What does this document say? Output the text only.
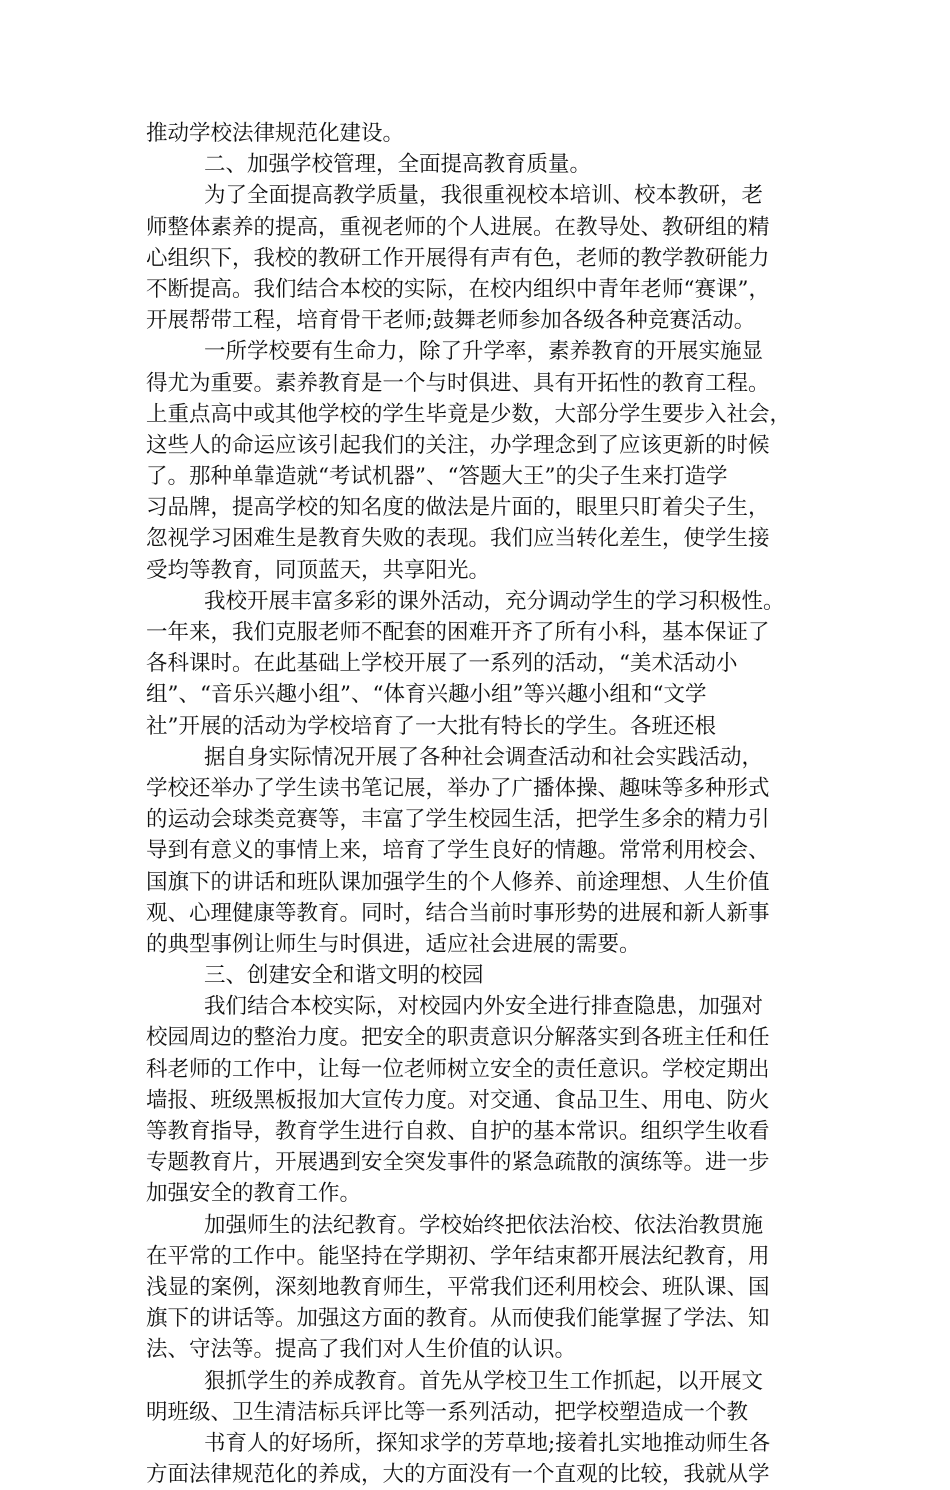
推动学校法律规范化建设。
二、加强学校管理，全面提高教育质量。
为了全面提高教学质量，我很重视校本培训、校本教研，老
师整体素养的提高，重视老师的个人进展。在教导处、教研组的精
心组织下，我校的教研工作开展得有声有色，老师的教学教研能力
不断提高。我们结合本校的实际，在校内组织中青年老师“赛课”，
开展帮带工程，培育骨干老师;鼓舞老师参加各级各种竞赛活动。
一所学校要有生命力，除了升学率，素养教育的开展实施显
得尤为重要。素养教育是一个与时俱进、具有开拓性的教育工程。
上重点高中或其他学校的学生毕竟是少数，大部分学生要步入社会，
这些人的命运应该引起我们的关注，办学理念到了应该更新的时候
了。那种单靠造就“考试机器”、“答题大王”的尖子生来打造学
习品牌，提高学校的知名度的做法是片面的，眼里只盯着尖子生，
忽视学习困难生是教育失败的表现。我们应当转化差生，使学生接
受均等教育，同顶蓝天，共享阳光。
我校开展丰富多彩的课外活动，充分调动学生的学习积极性。
一年来，我们克服老师不配套的困难开齐了所有小科，基本保证了
各科课时。在此基础上学校开展了一系列的活动，“美术活动小
组”、“音乐兴趣小组”、“体育兴趣小组”等兴趣小组和“文学
社”开展的活动为学校培育了一大批有特长的学生。各班还根
据自身实际情况开展了各种社会调查活动和社会实践活动，
学校还举办了学生读书笔记展，举办了广播体操、趣味等多种形式
的运动会球类竞赛等，丰富了学生校园生活，把学生多余的精力引
导到有意义的事情上来，培育了学生良好的情趣。常常利用校会、
国旗下的讲话和班队课加强学生的个人修养、前途理想、人生价值
观、心理健康等教育。同时，结合当前时事形势的进展和新人新事
的典型事例让师生与时俱进，适应社会进展的需要。
三、创建安全和谐文明的校园
我们结合本校实际，对校园内外安全进行排查隐患，加强对
校园周边的整治力度。把安全的职责意识分解落实到各班主任和任
科老师的工作中，让每一位老师树立安全的责任意识。学校定期出
墙报、班级黑板报加大宣传力度。对交通、食品卫生、用电、防火
等教育指导，教育学生进行自救、自护的基本常识。组织学生收看
专题教育片，开展遇到安全突发事件的紧急疏散的演练等。进一步
加强安全的教育工作。
加强师生的法纪教育。学校始终把依法治校、依法治教贯施
在平常的工作中。能坚持在学期初、学年结束都开展法纪教育，用
浅显的案例，深刻地教育师生，平常我们还利用校会、班队课、国
旗下的讲话等。加强这方面的教育。从而使我们能掌握了学法、知
法、守法等。提高了我们对人生价值的认识。
狠抓学生的养成教育。首先从学校卫生工作抓起，以开展文
明班级、卫生清洁标兵评比等一系列活动，把学校塑造成一个教
书育人的好场所，探知求学的芳草地;接着扎实地推动师生各
方面法律规范化的养成，大的方面没有一个直观的比较，我就从学
